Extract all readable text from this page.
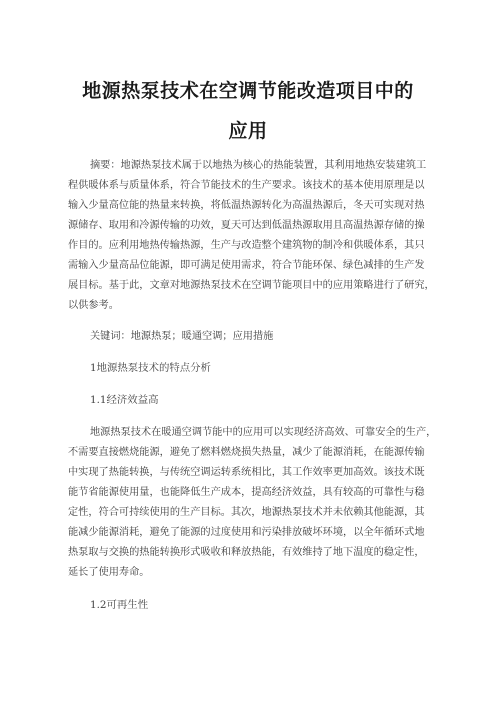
地源热泵技术在空调节能改造项目中的
应用
摘要：地源热泵技术属于以地热为核心的热能装置，其利用地热安装建筑工
程供暖体系与质量体系，符合节能技术的生产要求。该技术的基本使用原理是以
输入少量高位能的热量来转换，将低温热源转化为高温热源后，冬天可实现对热
源储存、取用和冷源传输的功效，夏天可达到低温热源取用且高温热源存储的操
作目的。应利用地热传输热源，生产与改造整个建筑物的制冷和供暖体系，其只
需输入少量高品位能源，即可满足使用需求，符合节能环保、绿色减排的生产发
展目标。基于此，文章对地源热泵技术在空调节能项目中的应用策略进行了研究，
以供参考。
关键词：地源热泵；暖通空调；应用措施
1地源热泵技术的特点分析
1.1经济效益高
地源热泵技术在暖通空调节能中的应用可以实现经济高效、可靠安全的生产，
不需要直接燃烧能源，避免了燃料燃烧损失热量，减少了能源消耗，在能源传输
中实现了热能转换，与传统空调运转系统相比，其工作效率更加高效。该技术既
能节省能源使用量，也能降低生产成本，提高经济效益，具有较高的可靠性与稳
定性，符合可持续使用的生产目标。其次，地源热泵技术并未依赖其他能源，其
能减少能源消耗，避免了能源的过度使用和污染排放破坏环境，以全年循环式地
热泵取与交换的热能转换形式吸收和释放热能，有效维持了地下温度的稳定性，
延长了使用寿命。
1.2可再生性
